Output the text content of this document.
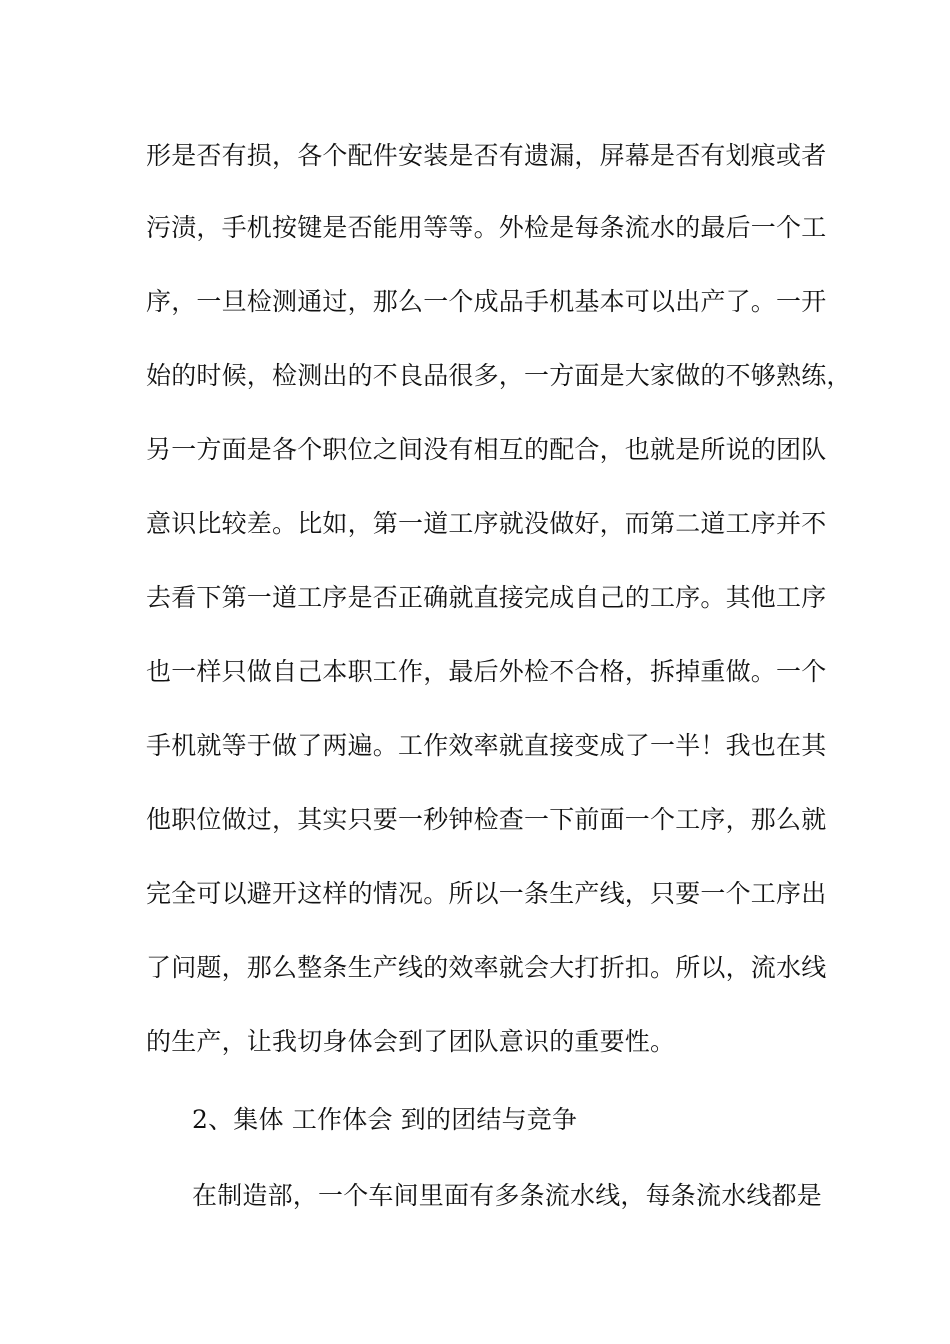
形是否有损，各个配件安装是否有遗漏，屏幕是否有划痕或者
污渍，手机按键是否能用等等。外检是每条流水的最后一个工
序，一旦检测通过，那么一个成品手机基本可以出产了。一开
始的时候，检测出的不良品很多，一方面是大家做的不够熟练，
另一方面是各个职位之间没有相互的配合，也就是所说的团队
意识比较差。比如，第一道工序就没做好，而第二道工序并不
去看下第一道工序是否正确就直接完成自己的工序。其他工序
也一样只做自己本职工作，最后外检不合格，拆掉重做。一个
手机就等于做了两遍。工作效率就直接变成了一半！我也在其
他职位做过，其实只要一秒钟检查一下前面一个工序，那么就
完全可以避开这样的情况。所以一条生产线，只要一个工序出
了问题，那么整条生产线的效率就会大打折扣。所以，流水线
的生产，让我切身体会到了团队意识的重要性。
2、集体 工作体会 到的团结与竞争
在制造部，一个车间里面有多条流水线，每条流水线都是
